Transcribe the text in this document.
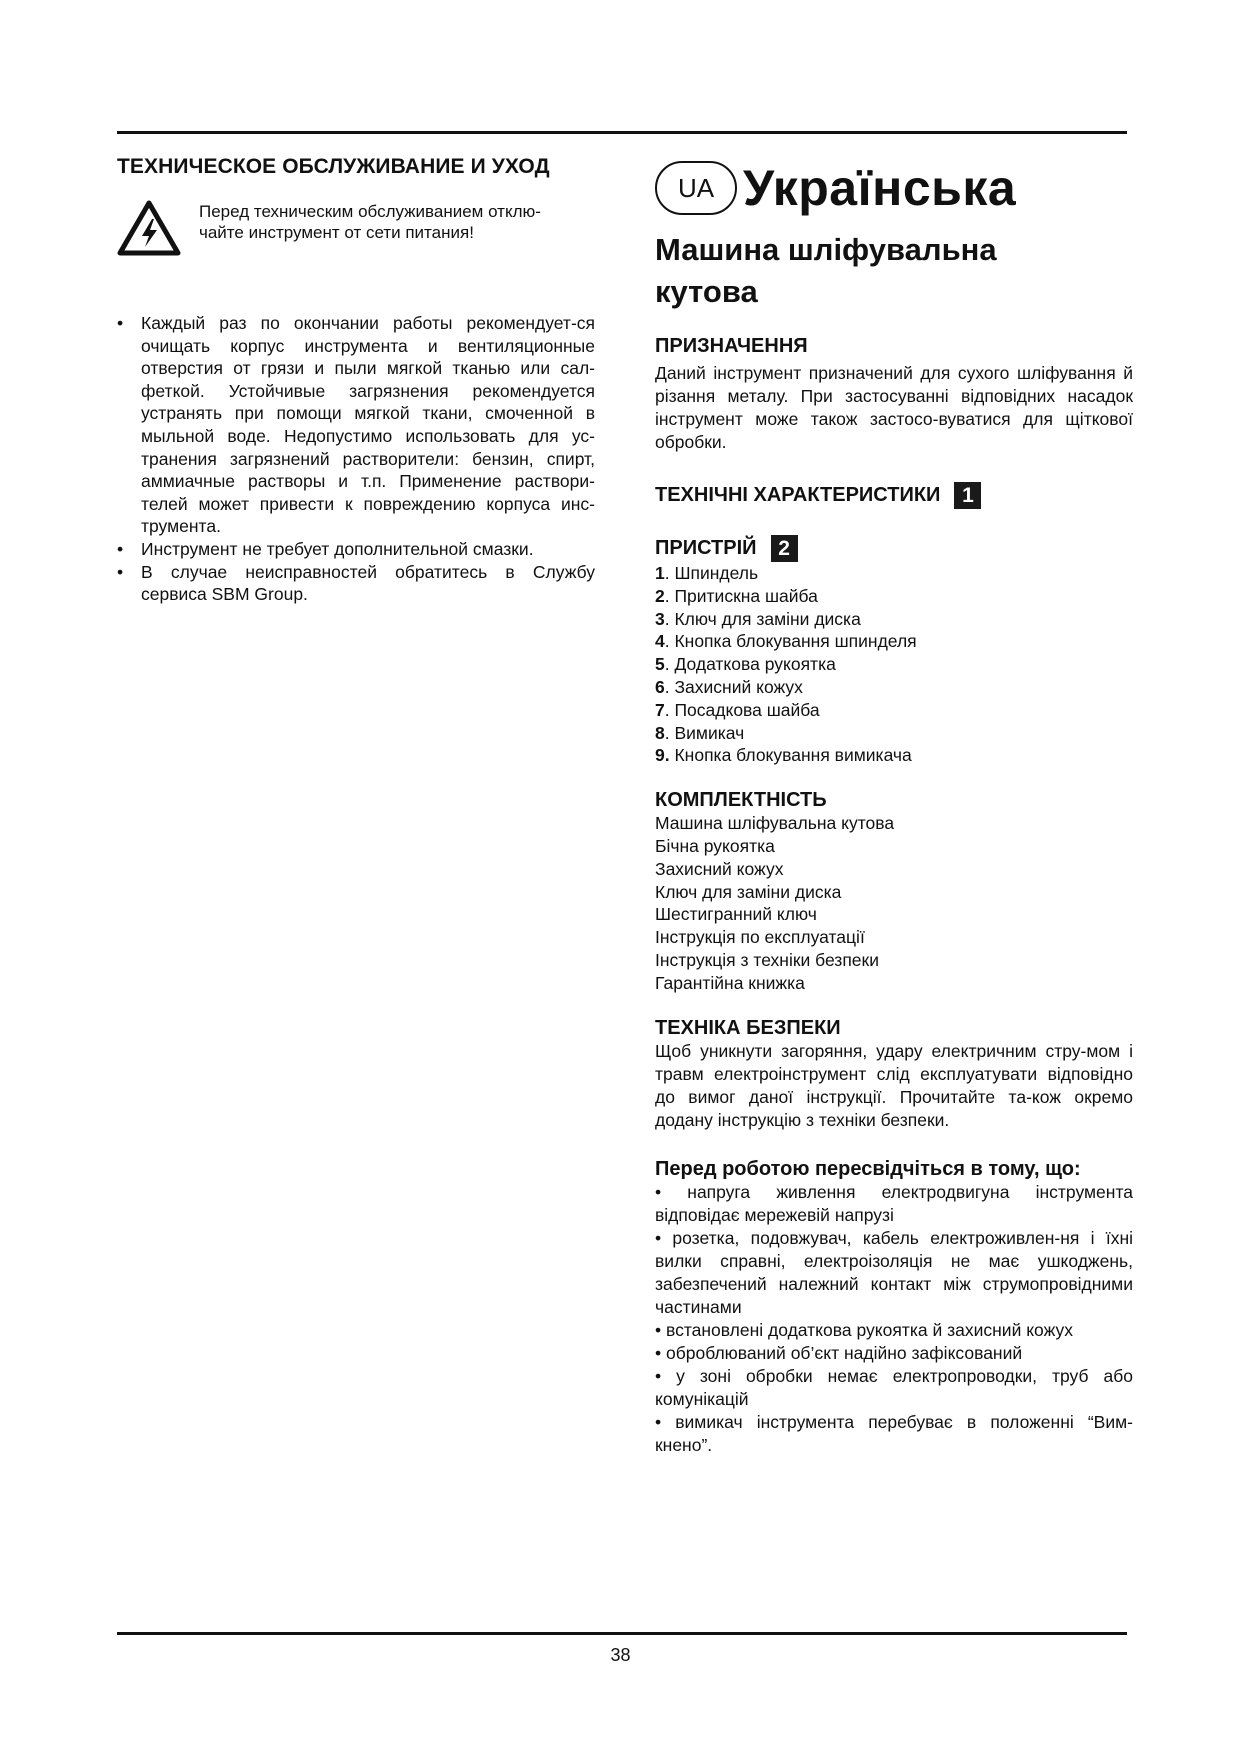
ТЕХНИЧЕСКОЕ ОБСЛУЖИВАНИЕ И УХОД
Перед техническим обслуживанием отклю-
чайте инструмент от сети питания!
•	Каждый раз по окончании работы рекомендует-ся очищать корпус инструмента и вентиляционные отверстия от грязи и пыли мягкой тканью или сал-феткой. Устойчивые загрязнения рекомендуется устранять при помощи мягкой ткани, смоченной в мыльной воде. Недопустимо использовать для ус-транения загрязнений растворители: бензин, спирт, аммиачные растворы и т.п. Применение раствори-телей может привести к повреждению корпуса инс-трумента.
•	Инструмент не требует дополнительной смазки.
•	В случае неисправностей обратитесь в Службу сервиса SBM Group.
UA Українська
Машина шліфувальна
кутова
ПРИЗНАЧЕННЯ

Даний інструмент призначений для сухого шліфування й різання металу. При застосуванні відповідних насадок інструмент може також застосо-вуватися для щіткової обробки.

ТЕХНІЧНІ ХАРАКТЕРИСТИКИ	1
ПРИСТРІЙ	2
1. Шпиндель
2. Притискна шайба
3. Ключ для заміни диска
4. Кнопка блокування шпинделя
5. Додаткова рукоятка
6. Захисний кожух
7. Посадкова шайба
8. Вимикач
9. Кнопка блокування вимикача
КОМПЛЕКТНІСТЬ
Машина шліфувальна кутова
Бічна рукоятка
Захисний кожух
Ключ для заміни диска
Шестигранний ключ
Інструкція по експлуатації
Інструкція з техніки безпеки
Гарантійна книжка
ТЕХНІКА БЕЗПЕКИ

Щоб уникнути загоряння, удару електричним стру-мом і травм електроінструмент слід експлуатувати відповідно до вимог даної інструкції. Прочитайте та-кож окремо додану інструкцію з техніки безпеки.

Перед роботою пересвідчіться в тому, що:

• напруга живлення електродвигуна інструмента відповідає мережевій напрузі

• розетка, подовжувач, кабель електроживлен-ня і їхні вилки справні, електроізоляція не має ушкоджень, забезпечений належний контакт між струмопровідними частинами

• встановлені додаткова рукоятка й захисний кожух

• оброблюваний об’єкт надійно зафіксований

• у зоні обробки немає електропроводки, труб або комунікацій

• вимикач інструмента перебуває в положенні “Вим-кнено”.

38
